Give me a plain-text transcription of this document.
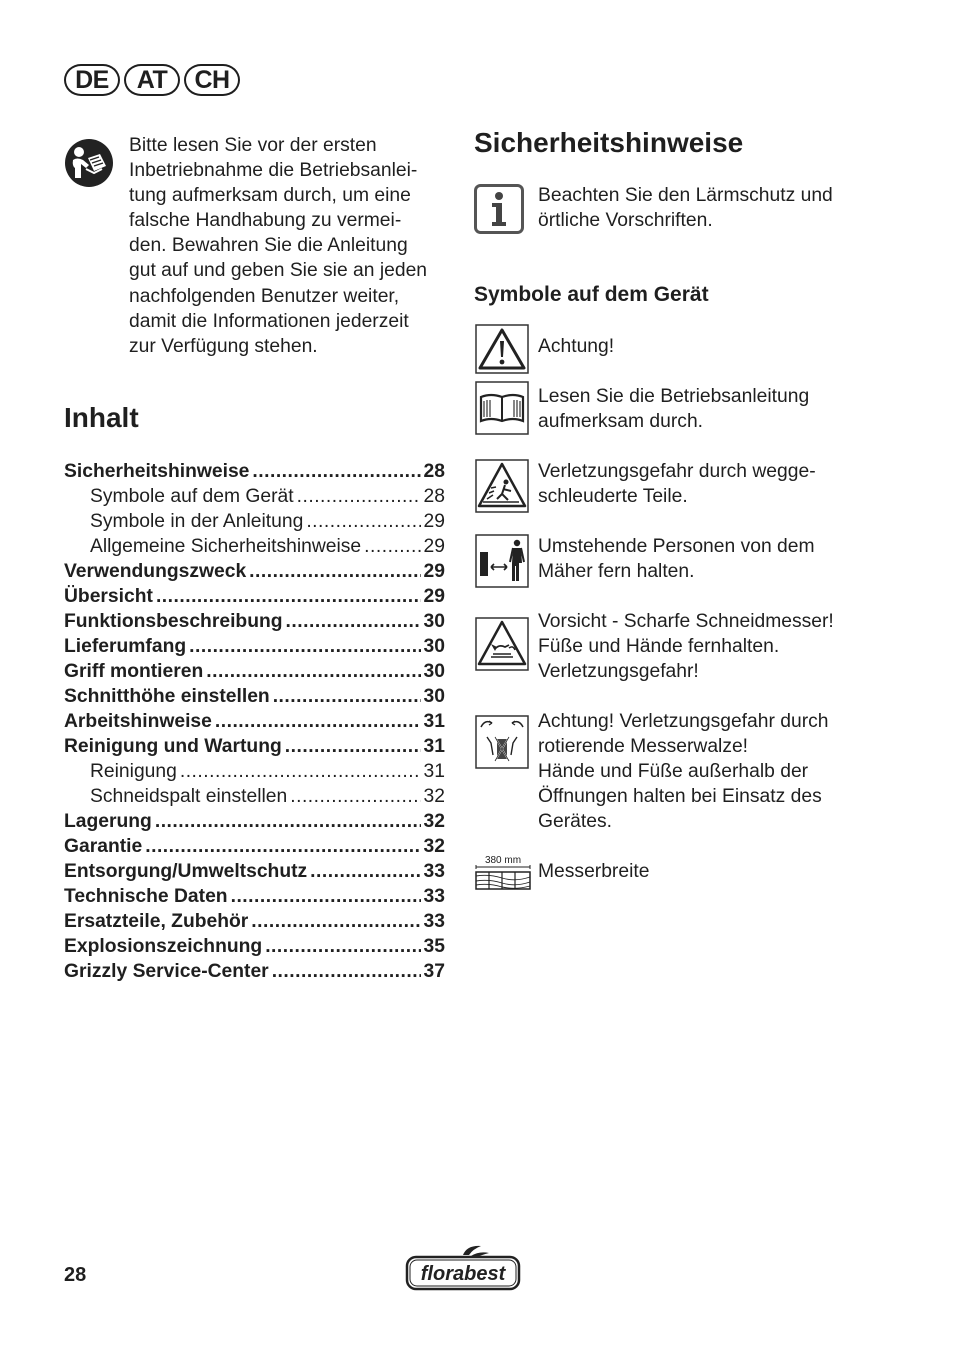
DE	AT	CH
Bitte lesen Sie vor der ersten
Inbetriebnahme die Betriebsanlei-
tung aufmerksam durch, um eine
falsche Handhabung zu vermei-
den. Bewahren Sie die Anleitung
gut auf und geben Sie sie an jeden
nachfolgenden Benutzer weiter,
damit die Informationen jederzeit
zur Verfügung stehen.
Inhalt
Sicherheitshinweise .....	28
Symbole auf dem Gerät .....	28
Symbole in der Anleitung .....	29
Allgemeine Sicherheitshinweise .....	29
Verwendungszweck .....	29
Übersicht .....	29
Funktionsbeschreibung .....	30
Lieferumfang .....	30
Griff montieren .....	30
Schnitthöhe einstellen .....	30
Arbeitshinweise .....	31
Reinigung und Wartung .....	31
Reinigung .....	31
Schneidspalt einstellen .....	32
Lagerung .....	32
Garantie .....	32
Entsorgung/Umweltschutz .....	33
Technische Daten .....	33
Ersatzteile, Zubehör .....	33
Explosionszeichnung .....	35
Grizzly Service-Center .....	37
Sicherheitshinweise
Beachten Sie den Lärmschutz und
örtliche Vorschriften.
Symbole auf dem Gerät
Achtung!
Lesen Sie die Betriebsanleitung
aufmerksam durch.
Verletzungsgefahr durch wegge-
schleuderte Teile.
Umstehende Personen von dem
Mäher fern halten.
Vorsicht - Scharfe Schneidmesser!
Füße und Hände fernhalten.
Verletzungsgefahr!
Achtung! Verletzungsgefahr durch
rotierende Messerwalze!
Hände und Füße außerhalb der
Öffnungen halten bei Einsatz des
Gerätes.
380 mm
Messerbreite
28	florabest
